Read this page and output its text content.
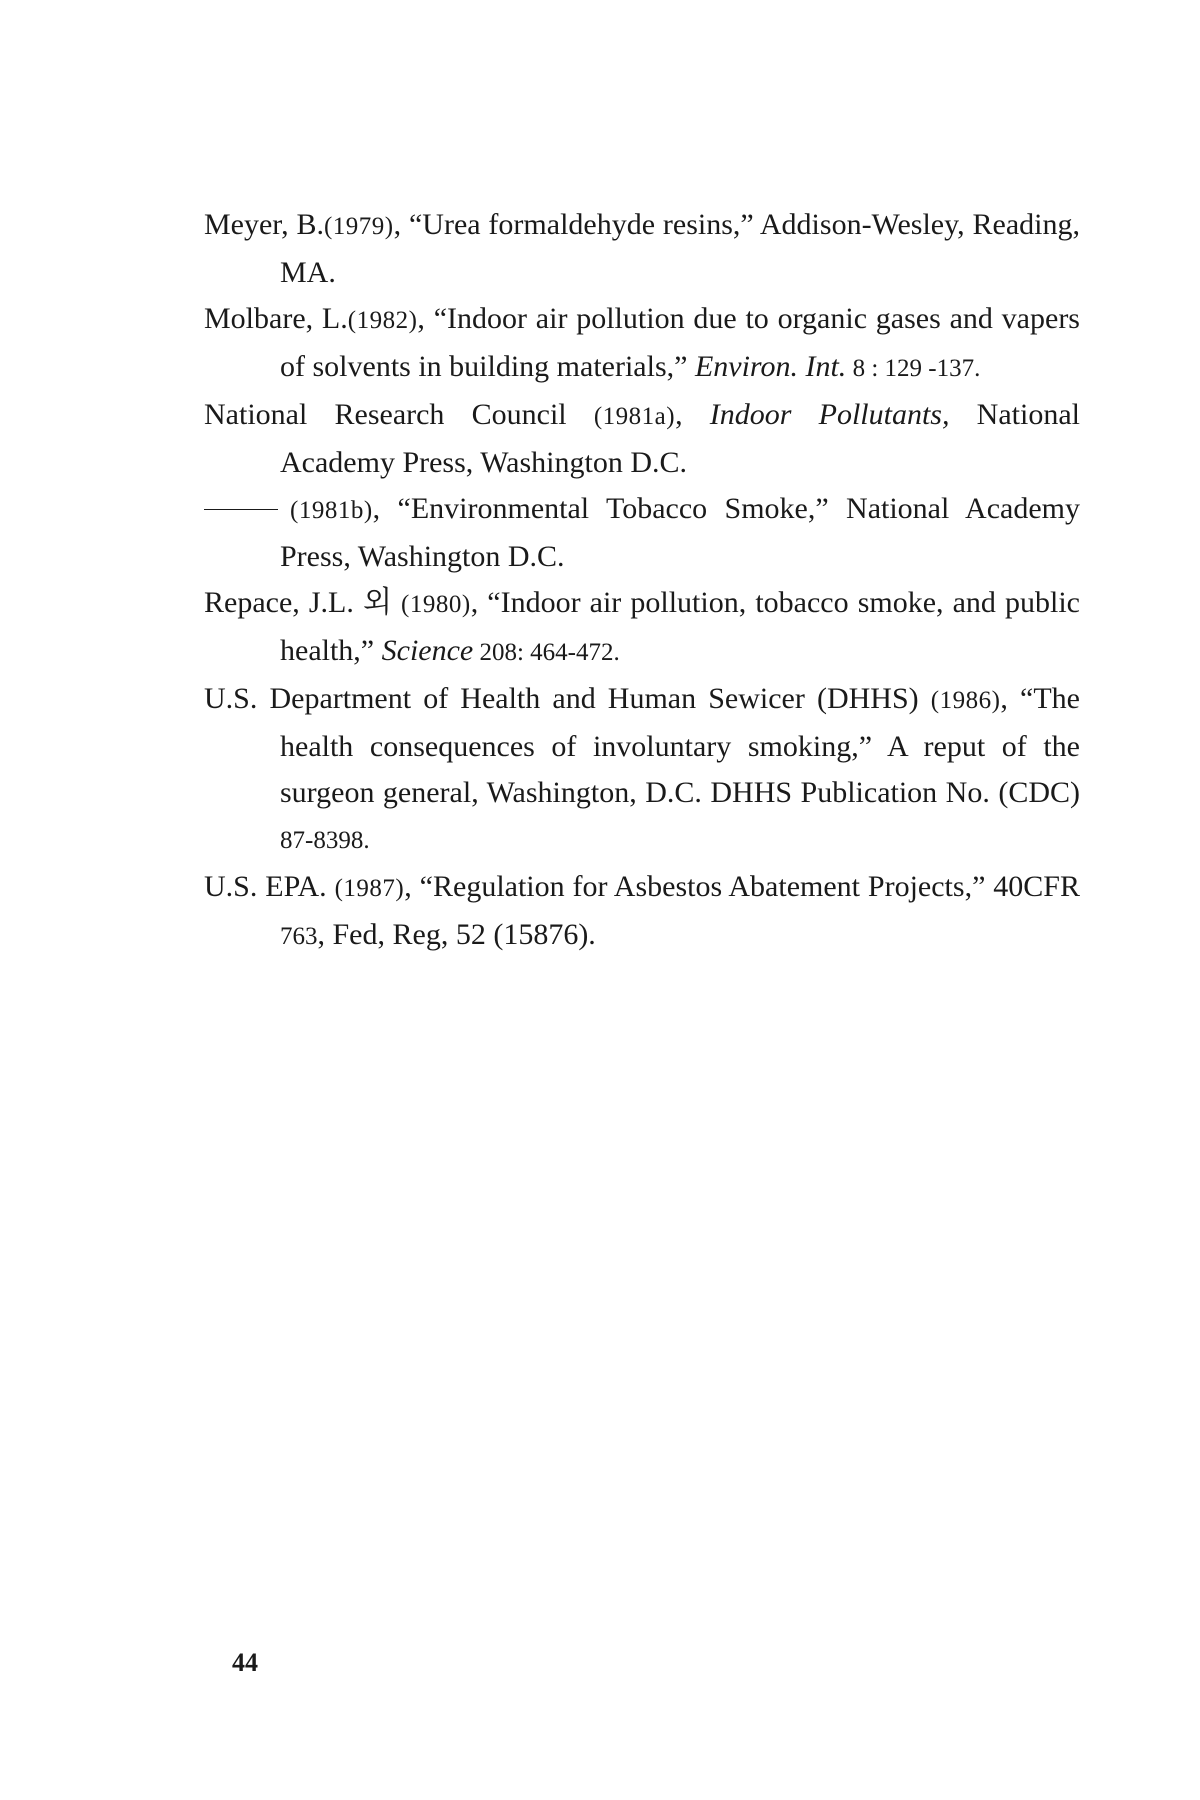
Meyer, B.(1979), “Urea formaldehyde resins,” Addison-Wesley, Reading, MA.

Molbare, L.(1982), “Indoor air pollution due to organic gases and vapers of solvents in building materials,” Environ. Int. 8 : 129 -137.

National Research Council (1981a), Indoor Pollutants, National Academy Press, Washington D.C.

(1981b), “Environmental Tobacco Smoke,” National Academy Press, Washington D.C.

Repace, J.L. 외 (1980), “Indoor air pollution, tobacco smoke, and public health,” Science 208: 464-472.

U.S. Department of Health and Human Sewicer (DHHS) (1986), “The health consequences of involuntary smoking,” A reput of the surgeon general, Washington, D.C. DHHS Publication No. (CDC) 87-8398.

U.S. EPA. (1987), “Regulation for Asbestos Abatement Projects,” 40CFR 763, Fed, Reg, 52 (15876).

44
